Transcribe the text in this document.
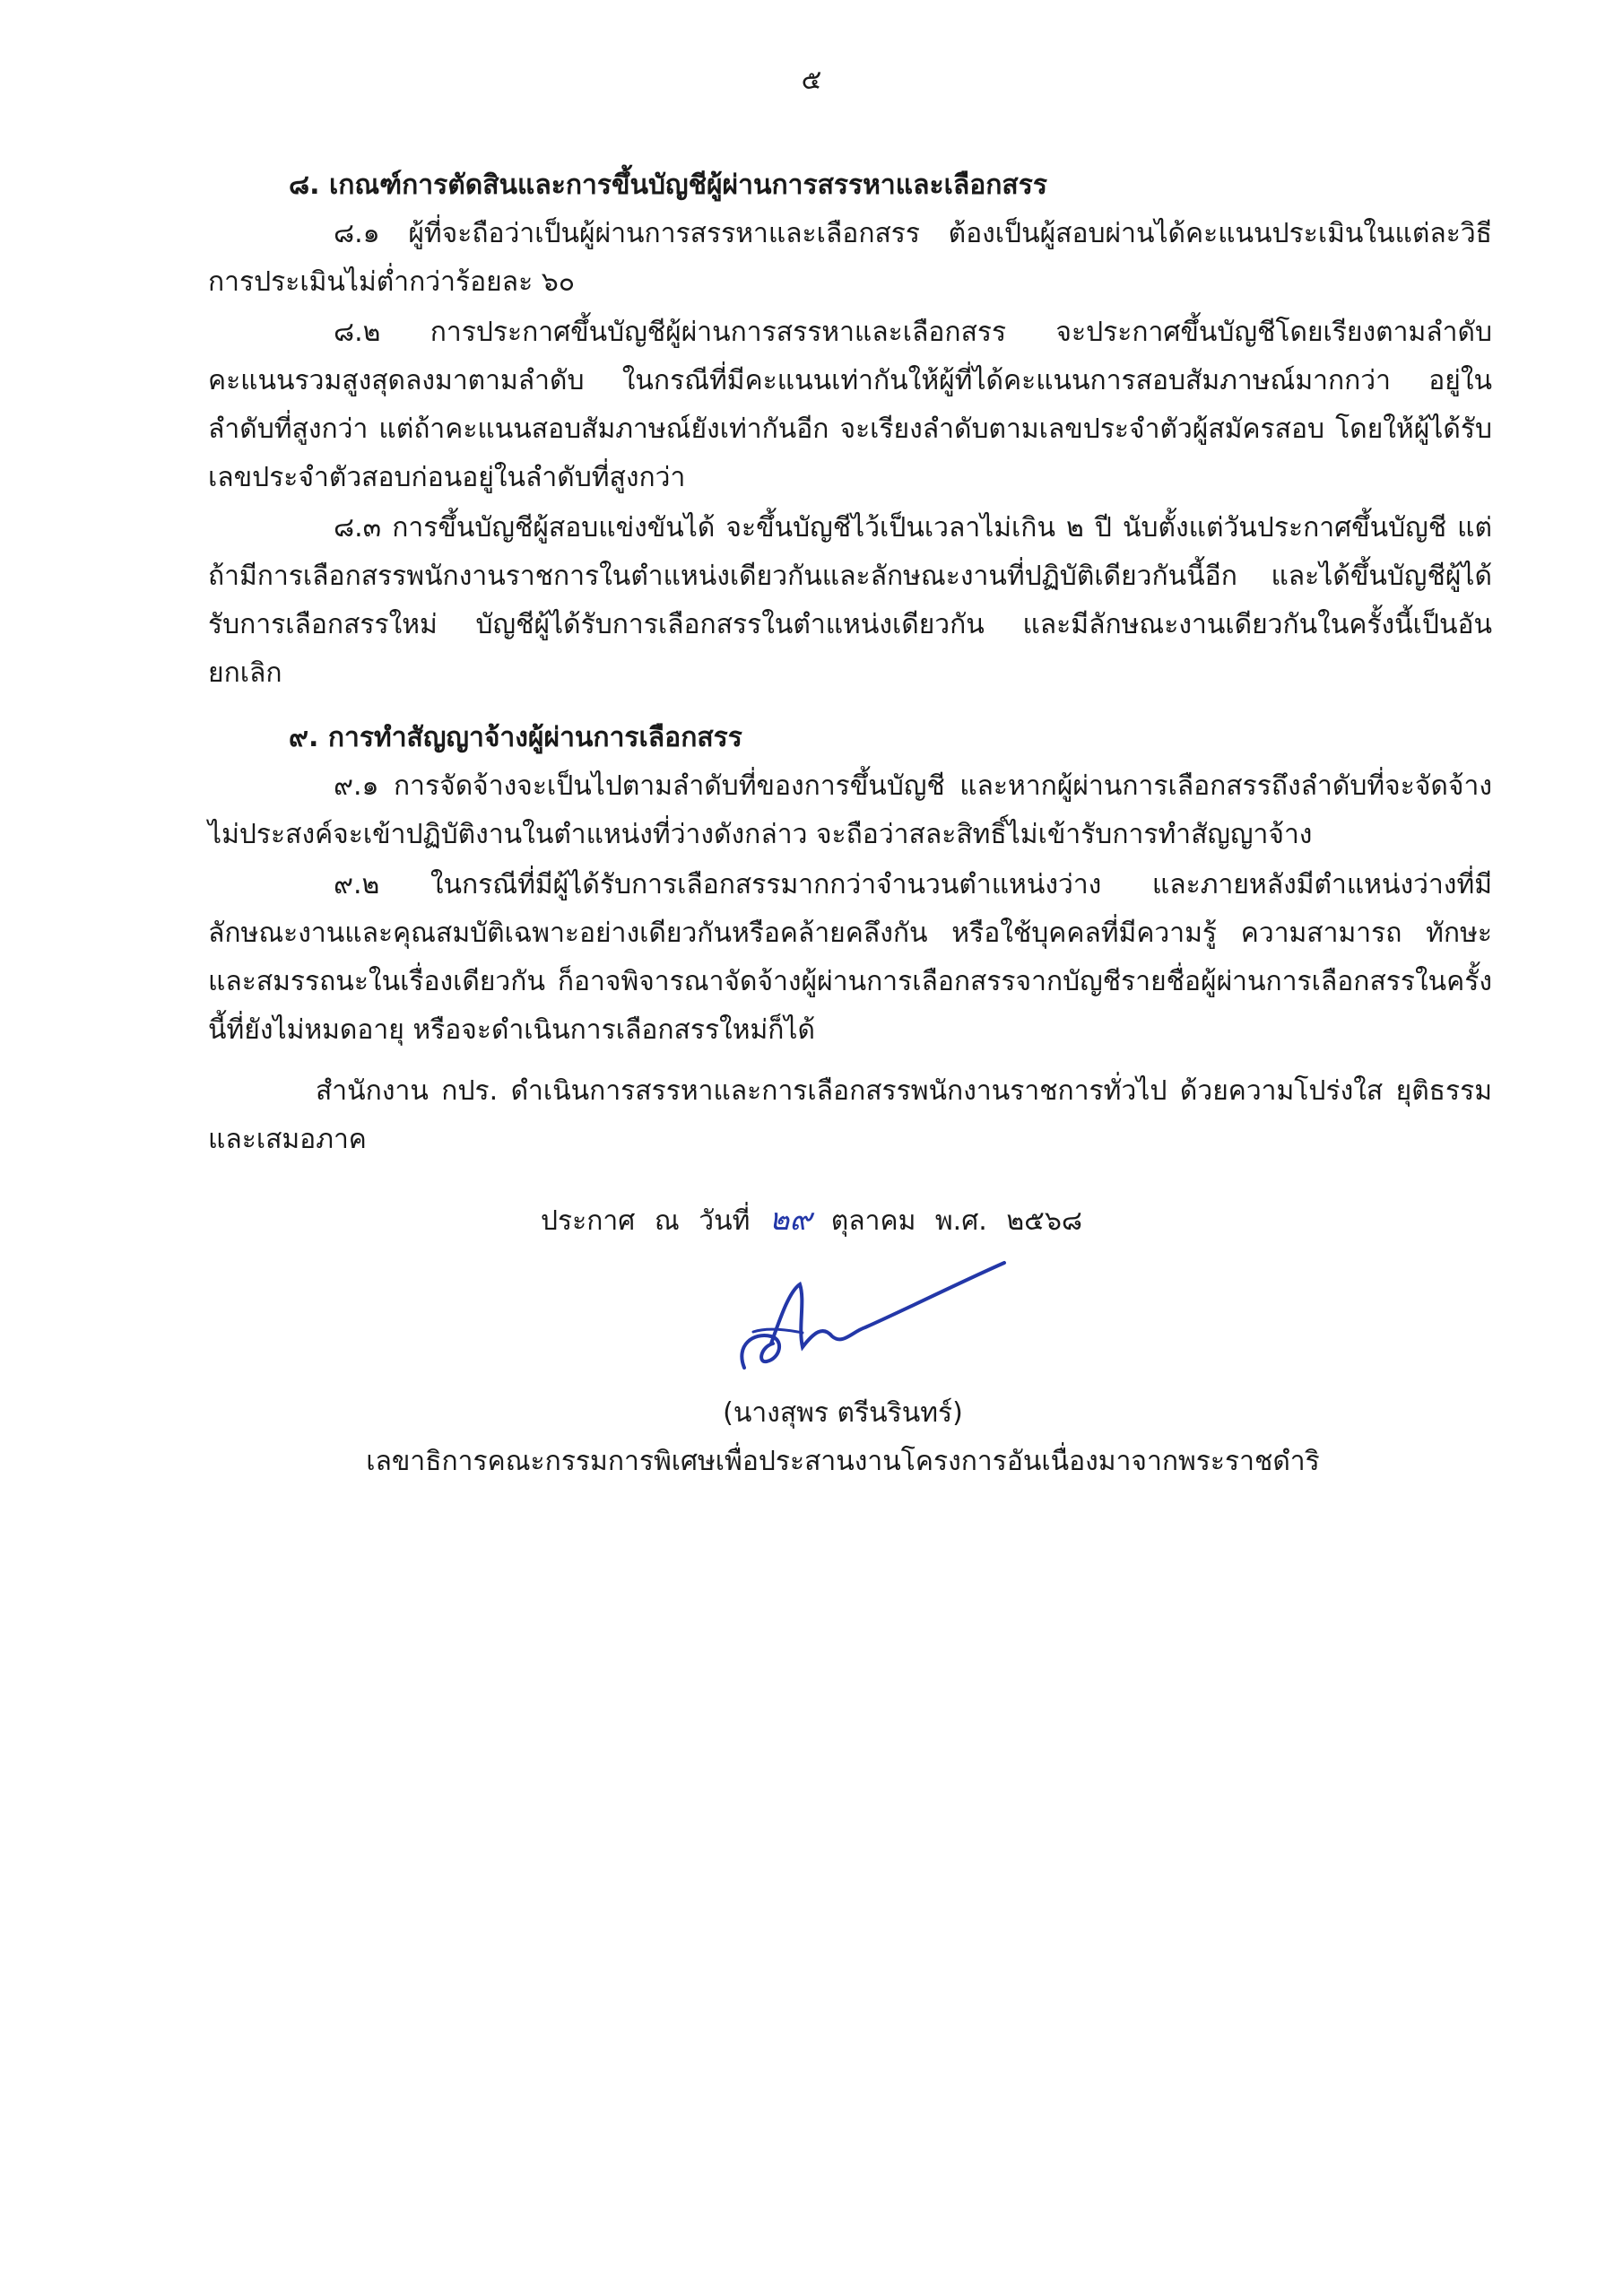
๕

๘. เกณฑ์การตัดสินและการขึ้นบัญชีผู้ผ่านการสรรหาและเลือกสรร

๘.๑ ผู้ที่จะถือว่าเป็นผู้ผ่านการสรรหาและเลือกสรร ต้องเป็นผู้สอบผ่านได้คะแนนประเมินในแต่ละวิธีการประเมินไม่ต่ำกว่าร้อยละ ๖๐

๘.๒ การประกาศขึ้นบัญชีผู้ผ่านการสรรหาและเลือกสรร จะประกาศขึ้นบัญชีโดยเรียงตามลำดับคะแนนรวมสูงสุดลงมาตามลำดับ ในกรณีที่มีคะแนนเท่ากันให้ผู้ที่ได้คะแนนการสอบสัมภาษณ์มากกว่า อยู่ในลำดับที่สูงกว่า แต่ถ้าคะแนนสอบสัมภาษณ์ยังเท่ากันอีก จะเรียงลำดับตามเลขประจำตัวผู้สมัครสอบ โดยให้ผู้ได้รับเลขประจำตัวสอบก่อนอยู่ในลำดับที่สูงกว่า

๘.๓ การขึ้นบัญชีผู้สอบแข่งขันได้ จะขึ้นบัญชีไว้เป็นเวลาไม่เกิน ๒ ปี นับตั้งแต่วันประกาศขึ้นบัญชี แต่ถ้ามีการเลือกสรรพนักงานราชการในตำแหน่งเดียวกันและลักษณะงานที่ปฏิบัติเดียวกันนี้อีก และได้ขึ้นบัญชีผู้ได้รับการเลือกสรรใหม่ บัญชีผู้ได้รับการเลือกสรรในตำแหน่งเดียวกัน และมีลักษณะงานเดียวกันในครั้งนี้เป็นอันยกเลิก

๙. การทำสัญญาจ้างผู้ผ่านการเลือกสรร

๙.๑ การจัดจ้างจะเป็นไปตามลำดับที่ของการขึ้นบัญชี และหากผู้ผ่านการเลือกสรรถึงลำดับที่จะจัดจ้างไม่ประสงค์จะเข้าปฏิบัติงานในตำแหน่งที่ว่างดังกล่าว จะถือว่าสละสิทธิ์ไม่เข้ารับการทำสัญญาจ้าง

๙.๒ ในกรณีที่มีผู้ได้รับการเลือกสรรมากกว่าจำนวนตำแหน่งว่าง และภายหลังมีตำแหน่งว่างที่มีลักษณะงานและคุณสมบัติเฉพาะอย่างเดียวกันหรือคล้ายคลึงกัน หรือใช้บุคคลที่มีความรู้ ความสามารถ ทักษะและสมรรถนะในเรื่องเดียวกัน ก็อาจพิจารณาจัดจ้างผู้ผ่านการเลือกสรรจากบัญชีรายชื่อผู้ผ่านการเลือกสรรในครั้งนี้ที่ยังไม่หมดอายุ หรือจะดำเนินการเลือกสรรใหม่ก็ได้

สำนักงาน กปร. ดำเนินการสรรหาและการเลือกสรรพนักงานราชการทั่วไป ด้วยความโปร่งใส ยุติธรรม และเสมอภาค

ประกาศ ณ วันที่ ๒๙ ตุลาคม พ.ศ. ๒๕๖๘
(นางสุพร ตรีนรินทร์)
เลขาธิการคณะกรรมการพิเศษเพื่อประสานงานโครงการอันเนื่องมาจากพระราชดำริ
